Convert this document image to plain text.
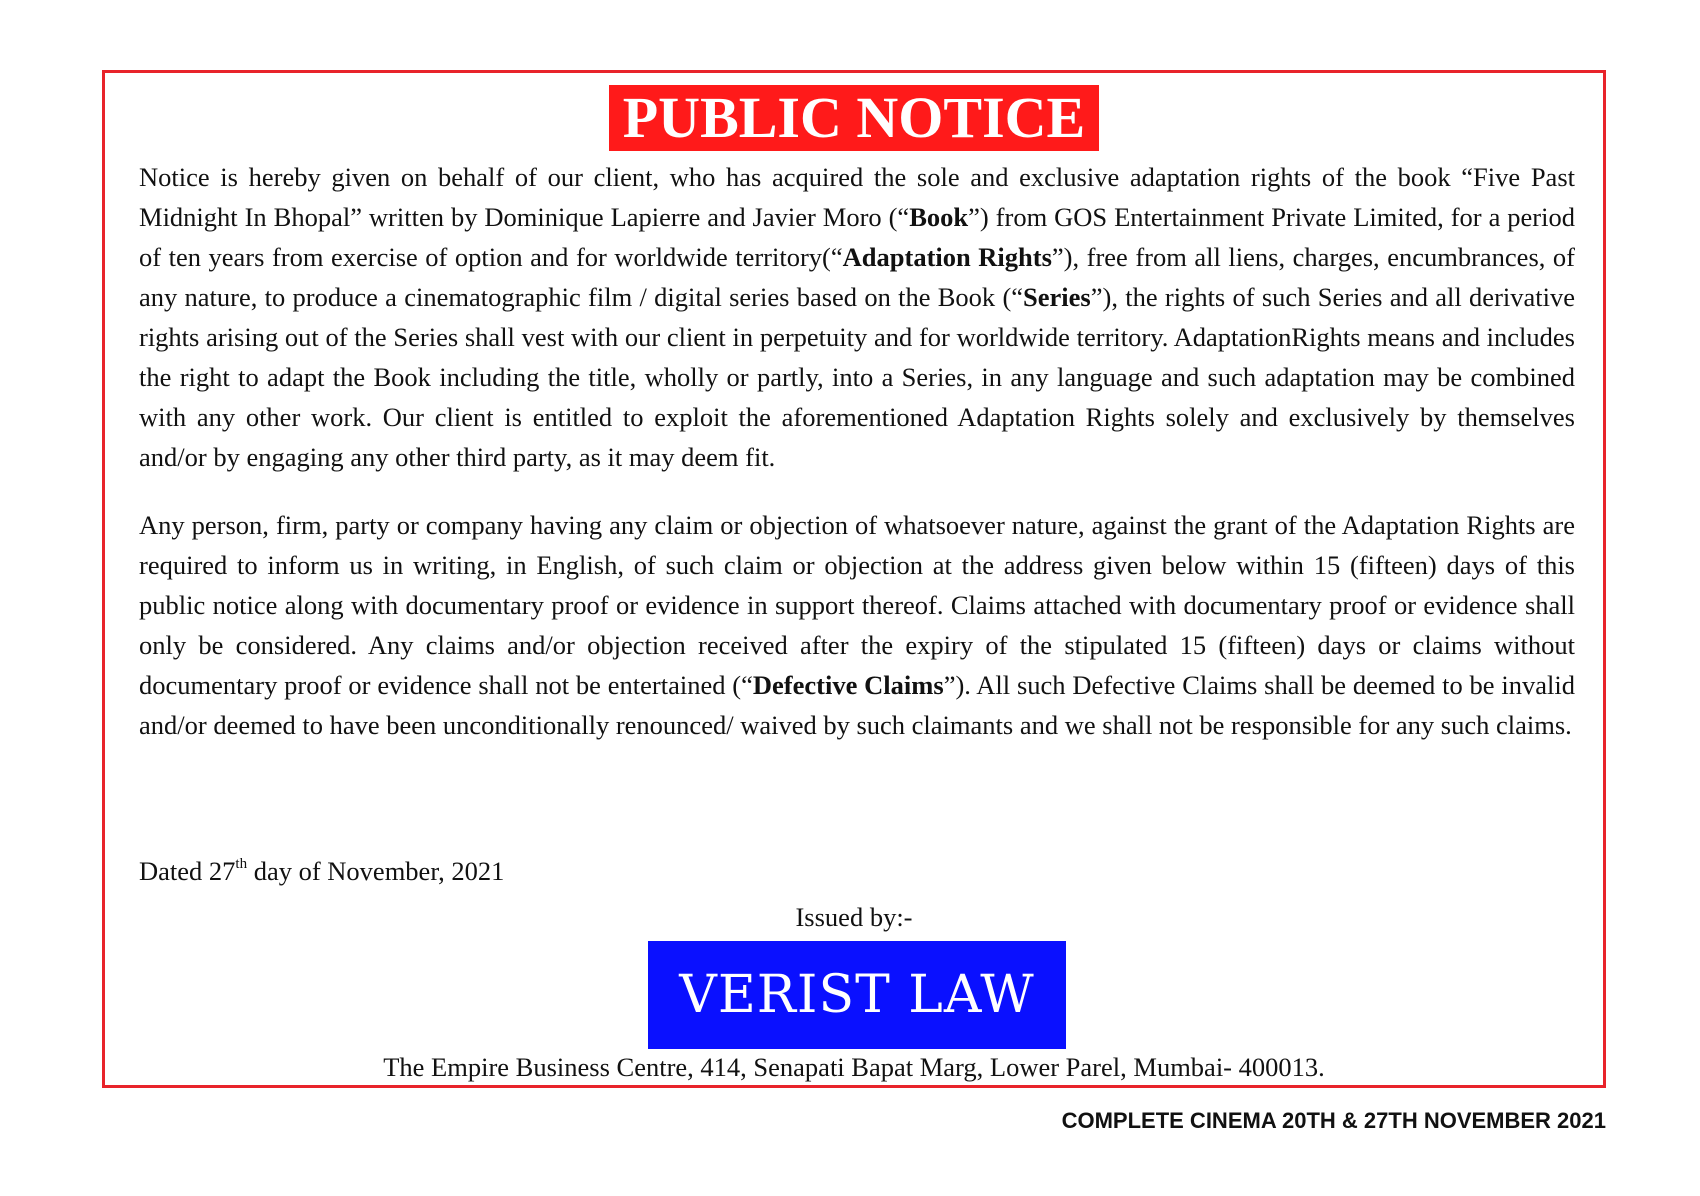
PUBLIC NOTICE

Notice is hereby given on behalf of our client, who has acquired the sole and exclusive adaptation rights of the book “Five Past Midnight In Bhopal” written by Dominique Lapierre and Javier Moro (“Book”) from GOS Entertainment Private Limited, for a period of ten years from exercise of option and for worldwide territory(“Adaptation Rights”), free from all liens, charges, encumbrances, of any nature, to produce a cinematographic film / digital series based on the Book (“Series”), the rights of such Series and all derivative rights arising out of the Series shall vest with our client in perpetuity and for worldwide territory. AdaptationRights means and includes the right to adapt the Book including the title, wholly or partly, into a Series, in any language and such adaptation may be combined with any other work. Our client is entitled to exploit the aforementioned Adaptation Rights solely and exclusively by themselves and/or by engaging any other third party, as it may deem fit.

Any person, firm, party or company having any claim or objection of whatsoever nature, against the grant of the Adaptation Rights are required to inform us in writing, in English, of such claim or objection at the address given below within 15 (fifteen) days of this public notice along with documentary proof or evidence in support thereof. Claims attached with documentary proof or evidence shall only be considered. Any claims and/or objection received after the expiry of the stipulated 15 (fifteen) days or claims without documentary proof or evidence shall not be entertained (“Defective Claims”). All such Defective Claims shall be deemed to be invalid and/or deemed to have been unconditionally renounced/ waived by such claimants and we shall not be responsible for any such claims.

Dated 27th day of November, 2021
Issued by:-
VERIST LAW
The Empire Business Centre, 414, Senapati Bapat Marg, Lower Parel, Mumbai- 400013.
COMPLETE CINEMA 20TH & 27TH NOVEMBER 2021
